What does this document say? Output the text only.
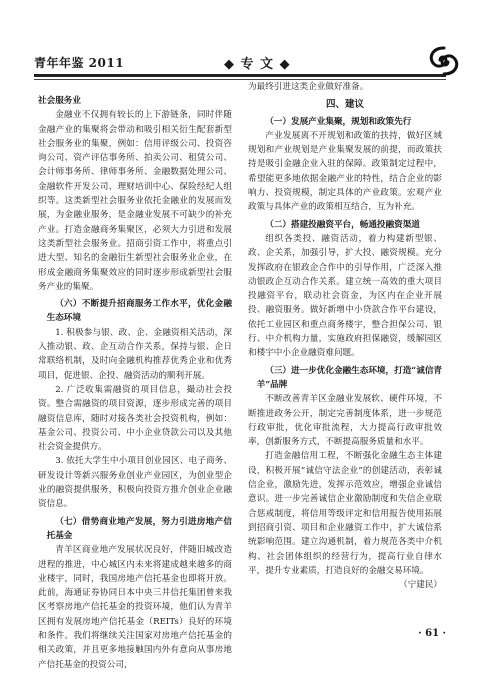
青年年鉴 2011	◆ 专 文 ◆

社会服务业

金融业不仅拥有较长的上下游链条，同时伴随金融产业的集聚将会带动和吸引相关衍生配套新型社会服务业的集聚，例如：信用评级公司、投资咨询公司、资产评估事务所、拍卖公司、租赁公司、会计师事务所、律师事务所、金融数据处理公司、金融软件开发公司、理财培训中心、保险经纪人组织等。这类新型社会服务业依托金融业的发展而发展，为金融业服务，是金融业发展不可缺少的补充产业。打造金融商务集聚区，必须大力引进和发展这类新型社会服务业。招商引资工作中，将重点引进大型、知名的金融衍生新型社会服务业企业，在形成金融商务集聚效应的同时逐步形成新型社会服务产业的集聚。

（六）不断提升招商服务工作水平，优化金融生态环境

1. 积极参与银、政、企、金融资相关活动，深入推动银、政、企互动合作关系，保持与银、企日常联络机制，及时向金融机构推荐优秀企业和优秀项目，促进银、企投、融资活动的顺利开展。

2. 广泛收集需融资的项目信息，撮动社会投资。整合需融资的项目资源，逐步形成完善的项目融资信息库，随时对接各类社会投资机构，例如：基金公司、投资公司、中小企业贷款公司以及其他社会资金提供方。

3. 依托大学生中小项目创业园区、电子商务、研发设计等新兴服务业创业产业园区，为创业型企业的融资提供服务，积极向投资方推介创业企业融资信息。

（七）借势商业地产发展，努力引进房地产信托基金

青羊区商业地产发展状况良好，伴随旧城改造进程的推进，中心城区内未来将建成越来越多的商业楼宇，同时，我国房地产信托基金也即将开放。此前，海通证券协同日本中央三井信托集团曾来我区考察房地产信托基金的投资环境，他们认为青羊区拥有发展房地产信托基金（REITs）良好的环境和条件。我们将继续关注国家对房地产信托基金的相关政策，并且更多地接触国内外有意向从事房地产信托基金的投资公司，

为最终引进这类企业做好准备。

四、建议

（一）发展产业集聚，规划和政策先行

产业发展离不开规划和政策的扶持，做好区域规划和产业规划是产业集聚发展的前提，而政策扶持是吸引金融企业入驻的保障。政策制定过程中，希望能更多地依据金融产业的特性，结合企业的影响力、投资规模，制定具体的产业政策。宏观产业政策与具体产业的政策相互结合，互为补充。

（二）搭建投融资平台，畅通投融资渠道

组织各类投、融资活动，着力构建新型银、政、企关系，加强引导，扩大投、融资规模。充分发挥政府在银政企合作中的引导作用，广泛深入推动银政企互动合作关系。建立统一高效的重大项目投融资平台，联动社会资金，为区内在企业开展投、融资服务。做好新增中小贷款合作平台建设，依托工业园区和重点商务楼宇，整合担保公司、银行、中介机构力量，实施政府担保融资，缓解园区和楼宇中小企业融资难问题。

（三）进一步优化金融生态环境，打造“诚信青羊”品牌

不断改善青羊区金融业发展软、硬件环境，不断推进政务公开，制定完善制度体系，进一步规范行政审批，优化审批流程，大力提高行政审批效率，创新服务方式，不断提高服务质量和水平。

打造金融信用工程，不断强化金融生态主体建设，积极开展“诚信守法企业”的创建活动，表彰诚信企业，激励先进，发挥示范效应，增强企业诚信意识。进一步完善诚信企业激励制度和失信企业联合惩戒制度，将信用等级评定和信用报告使用拓展到招商引资、项目和企业融资工作中，扩大诚信系统影响范围。建立沟通机制，着力规范各类中介机构、社会团体组织的经营行为，提高行业自律水平，提升专业素质，打造良好的金融交易环境。

（宁建民）

· 61 ·
